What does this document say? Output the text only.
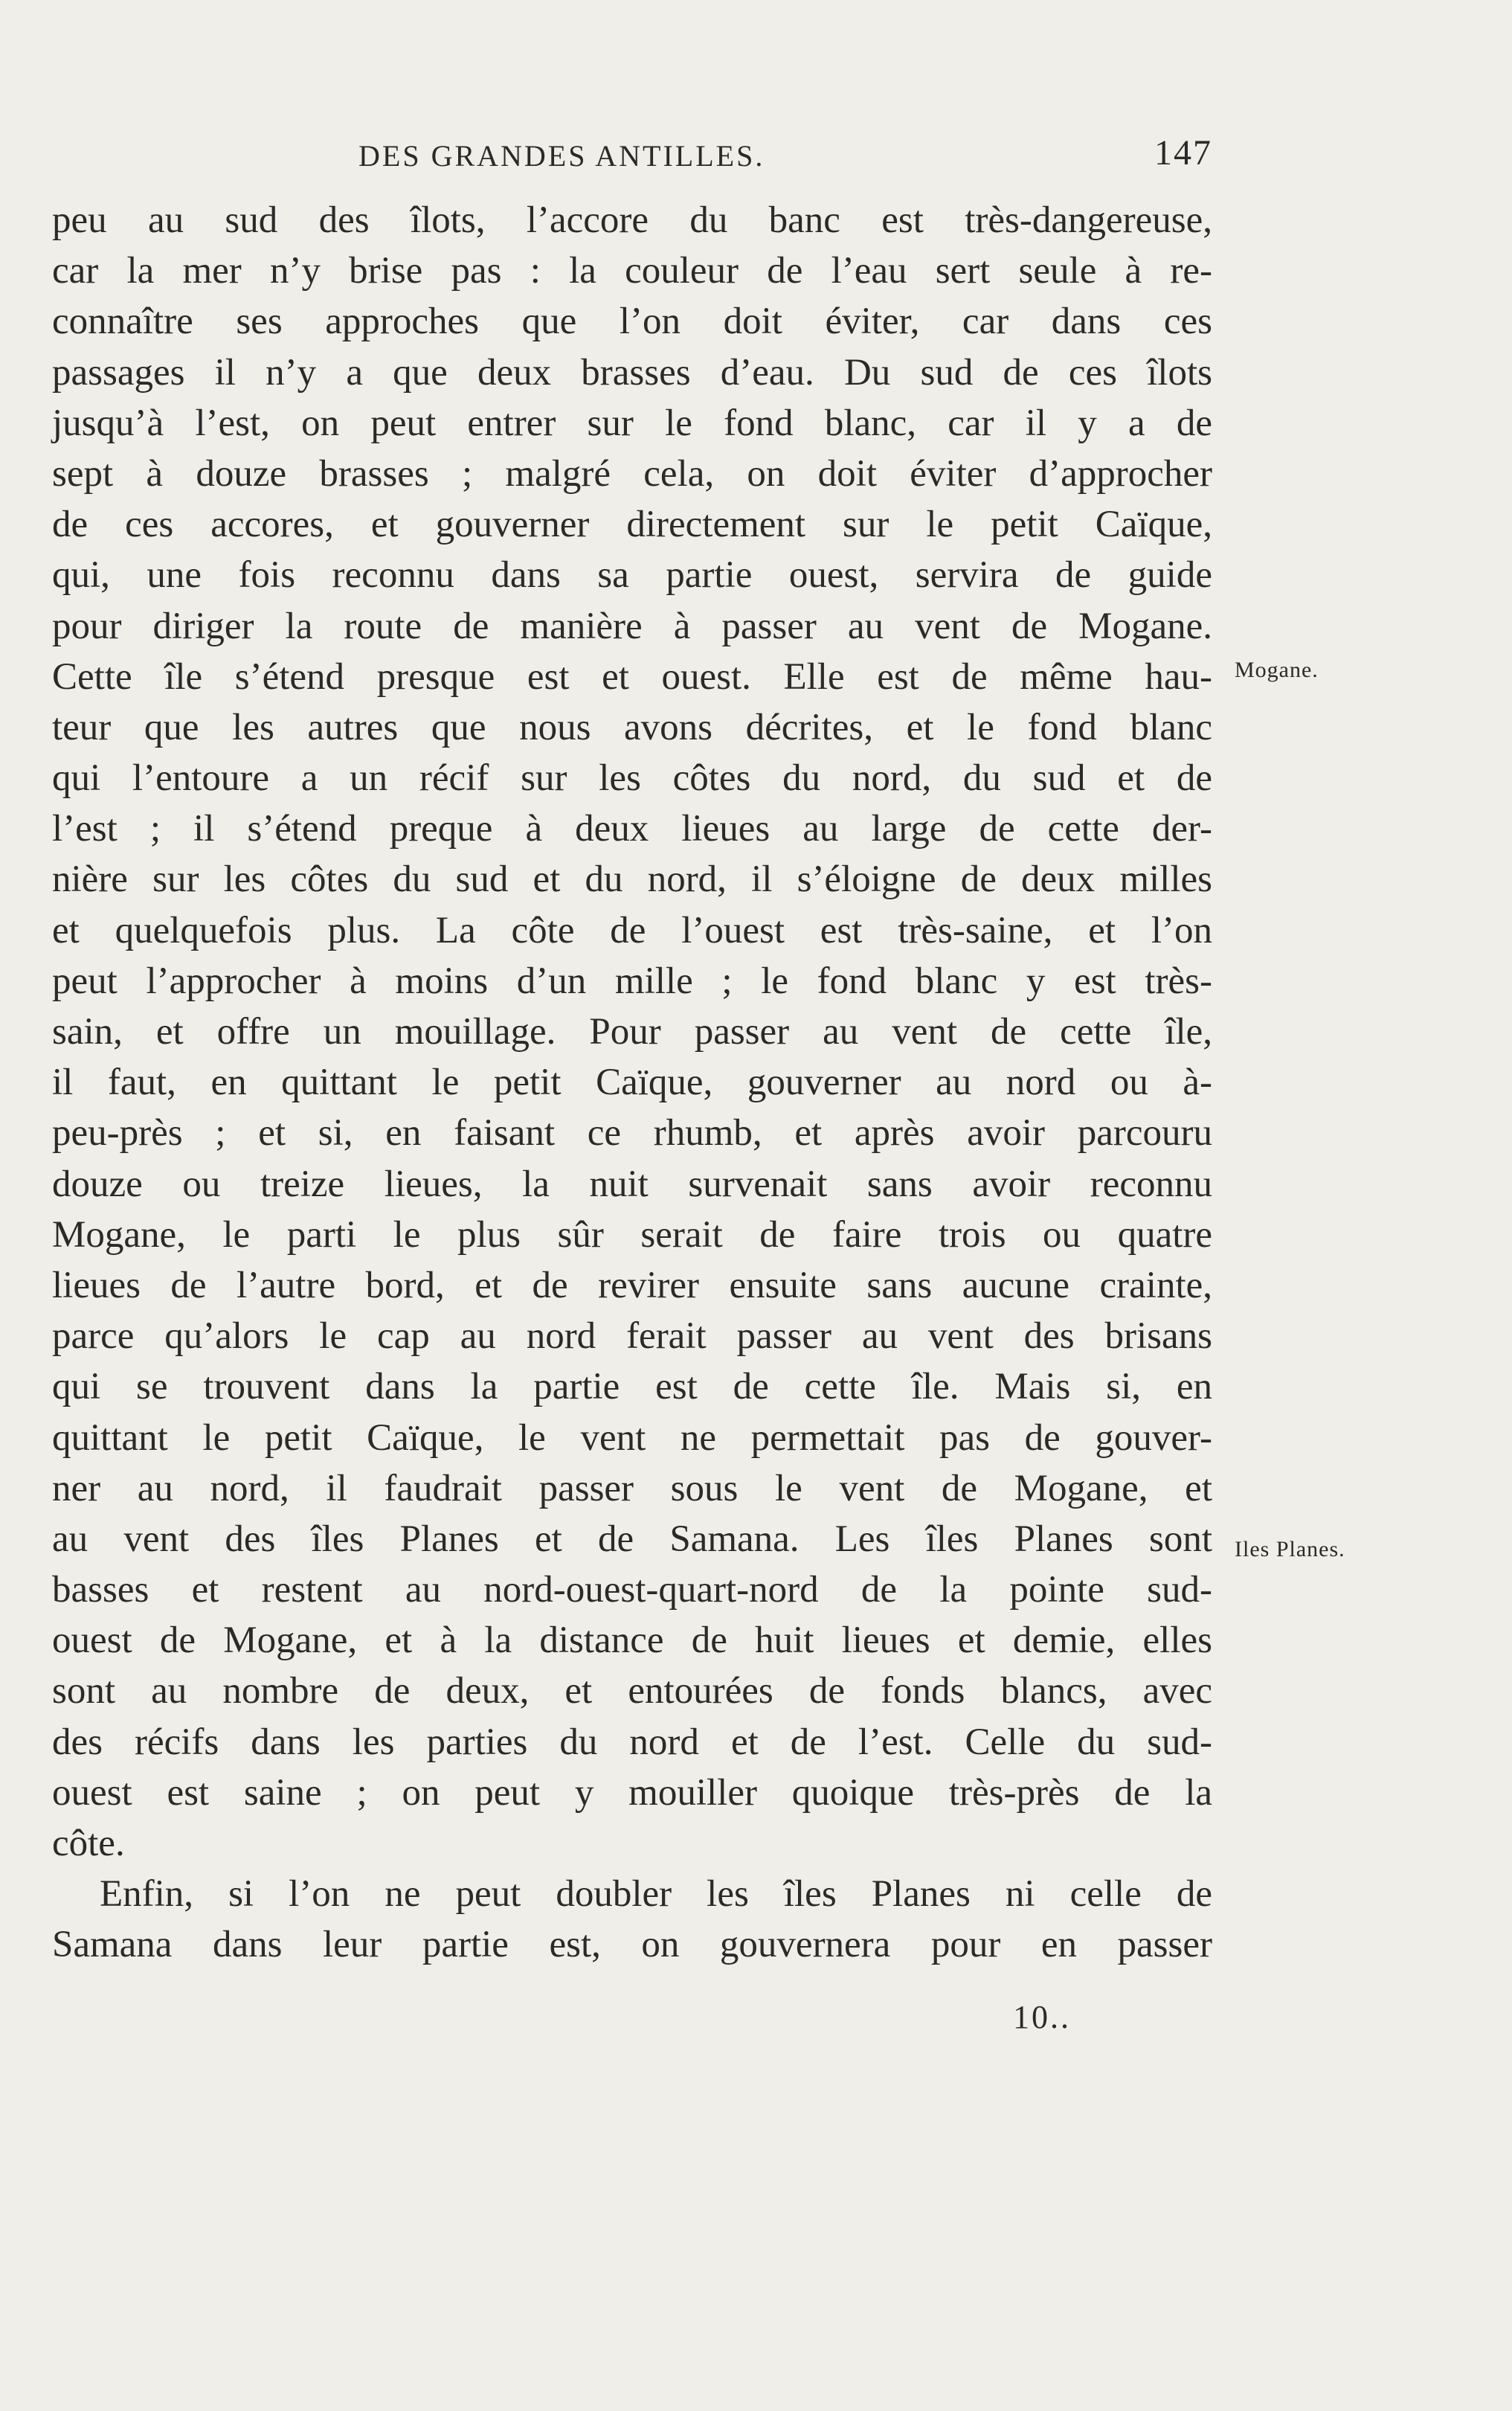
DES GRANDES ANTILLES.	147
peu au sud des îlots, l’accore du banc est très-dangereuse,
car la mer n’y brise pas : la couleur de l’eau sert seule à re-
connaître ses approches que l’on doit éviter, car dans ces
passages il n’y a que deux brasses d’eau. Du sud de ces îlots
jusqu’à l’est, on peut entrer sur le fond blanc, car il y a de
sept à douze brasses ; malgré cela, on doit éviter d’approcher
de ces accores, et gouverner directement sur le petit Caïque,
qui, une fois reconnu dans sa partie ouest, servira de guide
pour diriger la route de manière à passer au vent de Mogane.
Cette île s’étend presque est et ouest. Elle est de même hau-
teur que les autres que nous avons décrites, et le fond blanc
qui l’entoure a un récif sur les côtes du nord, du sud et de
l’est ; il s’étend preque à deux lieues au large de cette der-
nière sur les côtes du sud et du nord, il s’éloigne de deux milles
et quelquefois plus. La côte de l’ouest est très-saine, et l’on
peut l’approcher à moins d’un mille ; le fond blanc y est très-
sain, et offre un mouillage. Pour passer au vent de cette île,
il faut, en quittant le petit Caïque, gouverner au nord ou à-
peu-près ; et si, en faisant ce rhumb, et après avoir parcouru
douze ou treize lieues, la nuit survenait sans avoir reconnu
Mogane, le parti le plus sûr serait de faire trois ou quatre
lieues de l’autre bord, et de revirer ensuite sans aucune crainte,
parce qu’alors le cap au nord ferait passer au vent des brisans
qui se trouvent dans la partie est de cette île. Mais si, en
quittant le petit Caïque, le vent ne permettait pas de gouver-
ner au nord, il faudrait passer sous le vent de Mogane, et
au vent des îles Planes et de Samana. Les îles Planes sont
basses et restent au nord-ouest-quart-nord de la pointe sud-
ouest de Mogane, et à la distance de huit lieues et demie, elles
sont au nombre de deux, et entourées de fonds blancs, avec
des récifs dans les parties du nord et de l’est. Celle du sud-
ouest est saine ; on peut y mouiller quoique très-près de la
côte.
Enfin, si l’on ne peut doubler les îles Planes ni celle de
Samana dans leur partie est, on gouvernera pour en passer
Mogane.
Iles Planes.
10..
